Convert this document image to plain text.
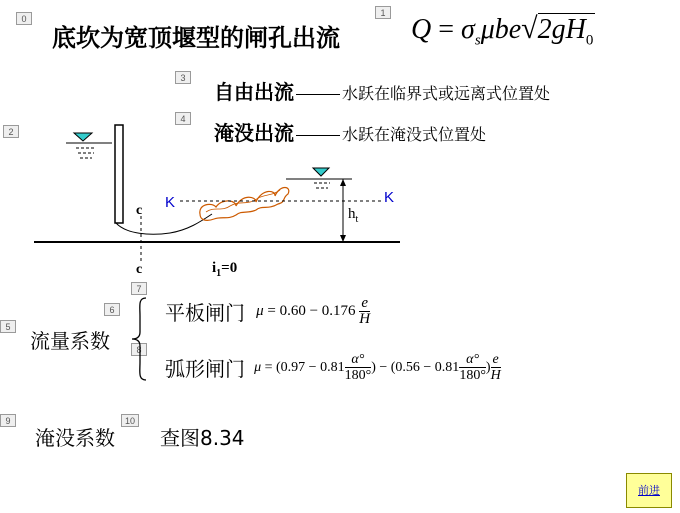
0
1
2
3
4
5
6
7
8
9	10
底坎为宽顶堰型的闸孔出流	$Q = \sigma_s\mu be√2gH_0$
自由出流	水跃在临界式或远离式位置处
淹没出流	水跃在淹没式位置处
c
c
K	K
$h_t$
$i_1=0$
流量系数
平板闸门 $\mu = 0.60 - 0.176 \frac{e}{H}$
弧形闸门 $\mu = (0.97 - 0.81 \frac{\alpha^\circ}{180^\circ}$ ) − ($0.56 - 0.81 \frac{\alpha^\circ}{180^\circ}$ ) $\frac{e}{H}$
淹没系数 查图8.34
前进
